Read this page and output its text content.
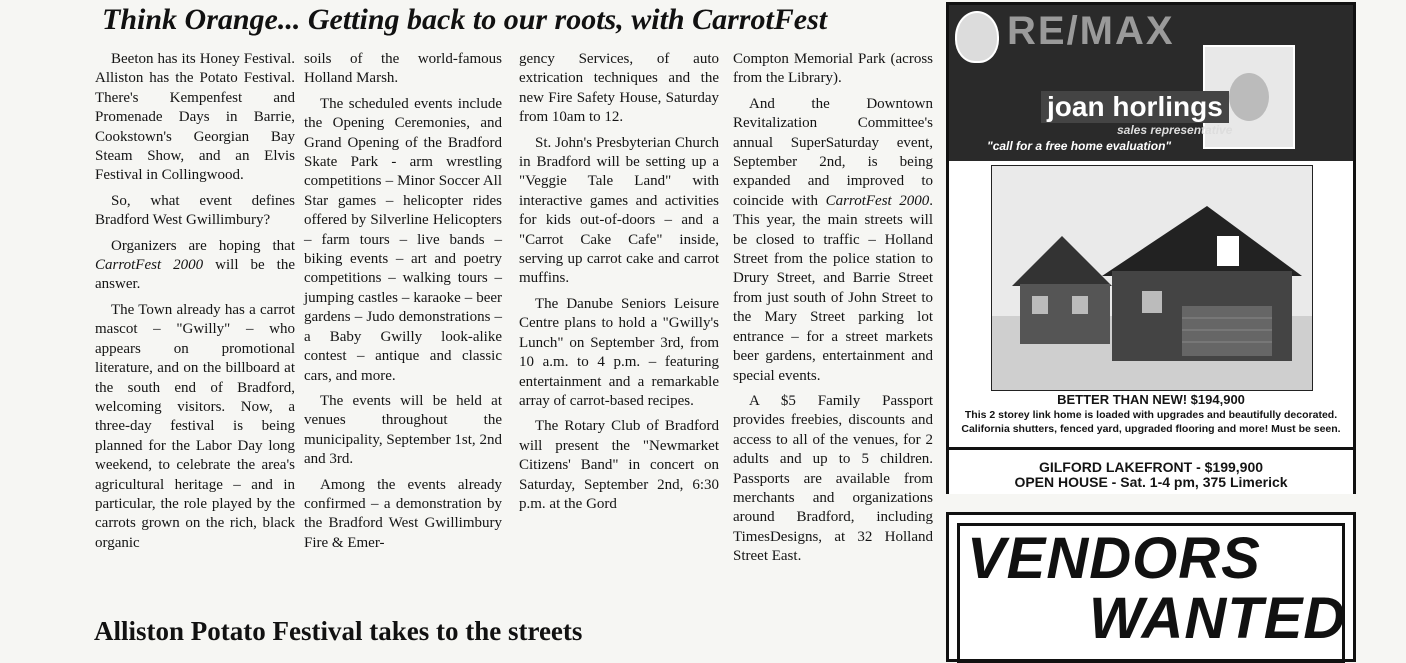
Think Orange... Getting back to our roots, with CarrotFest

Beeton has its Honey Festival. Alliston has the Potato Festival. There's Kempenfest and Promenade Days in Barrie, Cookstown's Georgian Bay Steam Show, and an Elvis Festival in Collingwood.

So, what event defines Bradford West Gwillimbury?

Organizers are hoping that CarrotFest 2000 will be the answer.

The Town already has a carrot mascot – "Gwilly" – who appears on promotional literature, and on the billboard at the south end of Bradford, welcoming visitors. Now, a three-day festival is being planned for the Labor Day long weekend, to celebrate the area's agricultural heritage – and in particular, the role played by the carrots grown on the rich, black organic

soils of the world-famous Holland Marsh.

The scheduled events include the Opening Ceremonies, and Grand Opening of the Bradford Skate Park - arm wrestling competitions – Minor Soccer All Star games – helicopter rides offered by Silverline Helicopters – farm tours – live bands – biking events – art and poetry competitions – walking tours – jumping castles – karaoke – beer gardens – Judo demonstrations – a Baby Gwilly look-alike contest – antique and classic cars, and more.

The events will be held at venues throughout the municipality, September 1st, 2nd and 3rd.

Among the events already confirmed – a demonstration by the Bradford West Gwillimbury Fire & Emer-

gency Services, of auto extrication techniques and the new Fire Safety House, Saturday from 10am to 12.

St. John's Presbyterian Church in Bradford will be setting up a "Veggie Tale Land" with interactive games and activities for kids out-of-doors – and a "Carrot Cake Cafe" inside, serving up carrot cake and carrot muffins.

The Danube Seniors Leisure Centre plans to hold a "Gwilly's Lunch" on September 3rd, from 10 a.m. to 4 p.m. – featuring entertainment and a remarkable array of carrot-based recipes.

The Rotary Club of Bradford will present the "Newmarket Citizens' Band" in concert on Saturday, September 2nd, 6:30 p.m. at the Gord

Compton Memorial Park (across from the Library).

And the Downtown Revitalization Committee's annual SuperSaturday event, September 2nd, is being expanded and improved to coincide with CarrotFest 2000. This year, the main streets will be closed to traffic – Holland Street from the police station to Drury Street, and Barrie Street from just south of John Street to the Mary Street parking lot entrance – for a street markets beer gardens, entertainment and special events.

A $5 Family Passport provides freebies, discounts and access to all of the venues, for 2 adults and up to 5 children. Passports are available from merchants and organizations around Bradford, including TimesDesigns, at 32 Holland Street East.

Alliston Potato Festival takes to the streets
RE/MAX
joan horlings
sales representative
"call for a free home evaluation"

BETTER THAN NEW! $194,900

This 2 storey link home is loaded with upgrades and beautifully decorated.

California shutters, fenced yard, upgraded flooring and more! Must be seen.

GILFORD LAKEFRONT - $199,900

OPEN HOUSE - Sat. 1-4 pm, 375 Limerick

VENDORS
WANTED
